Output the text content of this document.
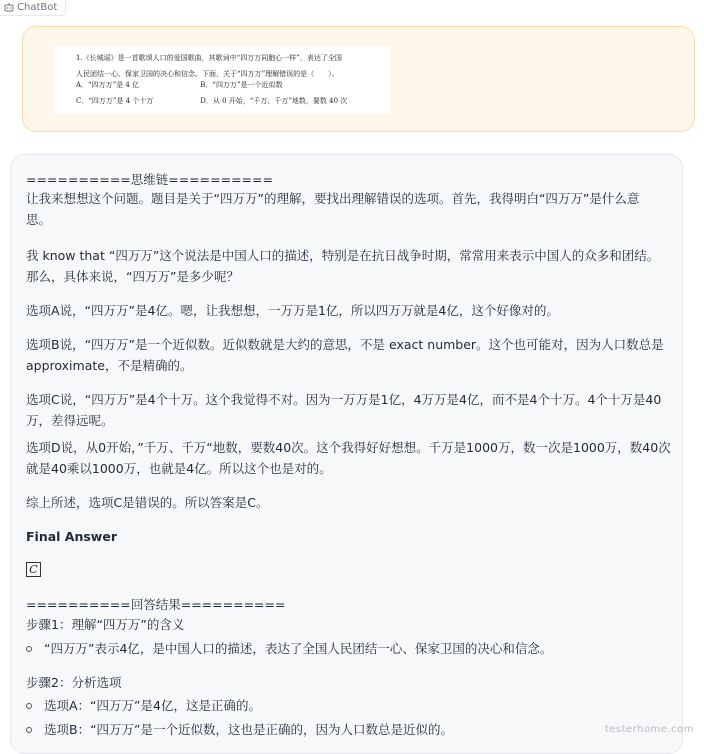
ChatBot
1.《长城谣》是一首歌颂人口的爱国歌曲，其歌词中“四万万同胞心一样”，表达了全国
人民团结一心、保家卫国的决心和信念。下面，关于“四万万”理解错误的是（　　）。
A．“四万万”是 4 亿	B．“四万万”是一个近似数
C．“四万万”是 4 个十万	D．从 0 开始，“千万、千万”地数，要数 40 次
==========思维链==========
让我来想想这个问题。题目是关于“四万万”的理解，要找出理解错误的选项。首先，我得明白“四万万”是什么意
思。
我 know that “四万万”这个说法是中国人口的描述，特别是在抗日战争时期，常常用来表示中国人的众多和团结。
那么，具体来说，“四万万”是多少呢？
选项A说，“四万万”是4亿。嗯，让我想想，一万万是1亿，所以四万万就是4亿，这个好像对的。
选项B说，“四万万”是一个近似数。近似数就是大约的意思，不是 exact number。这个也可能对，因为人口数总是
approximate，不是精确的。
选项C说，“四万万”是4个十万。这个我觉得不对。因为一万万是1亿，4万万是4亿，而不是4个十万。4个十万是40
万，差得远呢。
选项D说，从0开始，”千万、千万“地数，要数40次。这个我得好好想想。千万是1000万，数一次是1000万，数40次
就是40乘以1000万，也就是4亿。所以这个也是对的。
综上所述，选项C是错误的。所以答案是C。
Final Answer
C
==========回答结果==========
步骤1：理解“四万万”的含义
“四万万”表示4亿，是中国人口的描述，表达了全国人民团结一心、保家卫国的决心和信念。
步骤2：分析选项
选项A：“四万万”是4亿，这是正确的。
选项B：“四万万”是一个近似数，这也是正确的，因为人口数总是近似的。	testerhome.com
